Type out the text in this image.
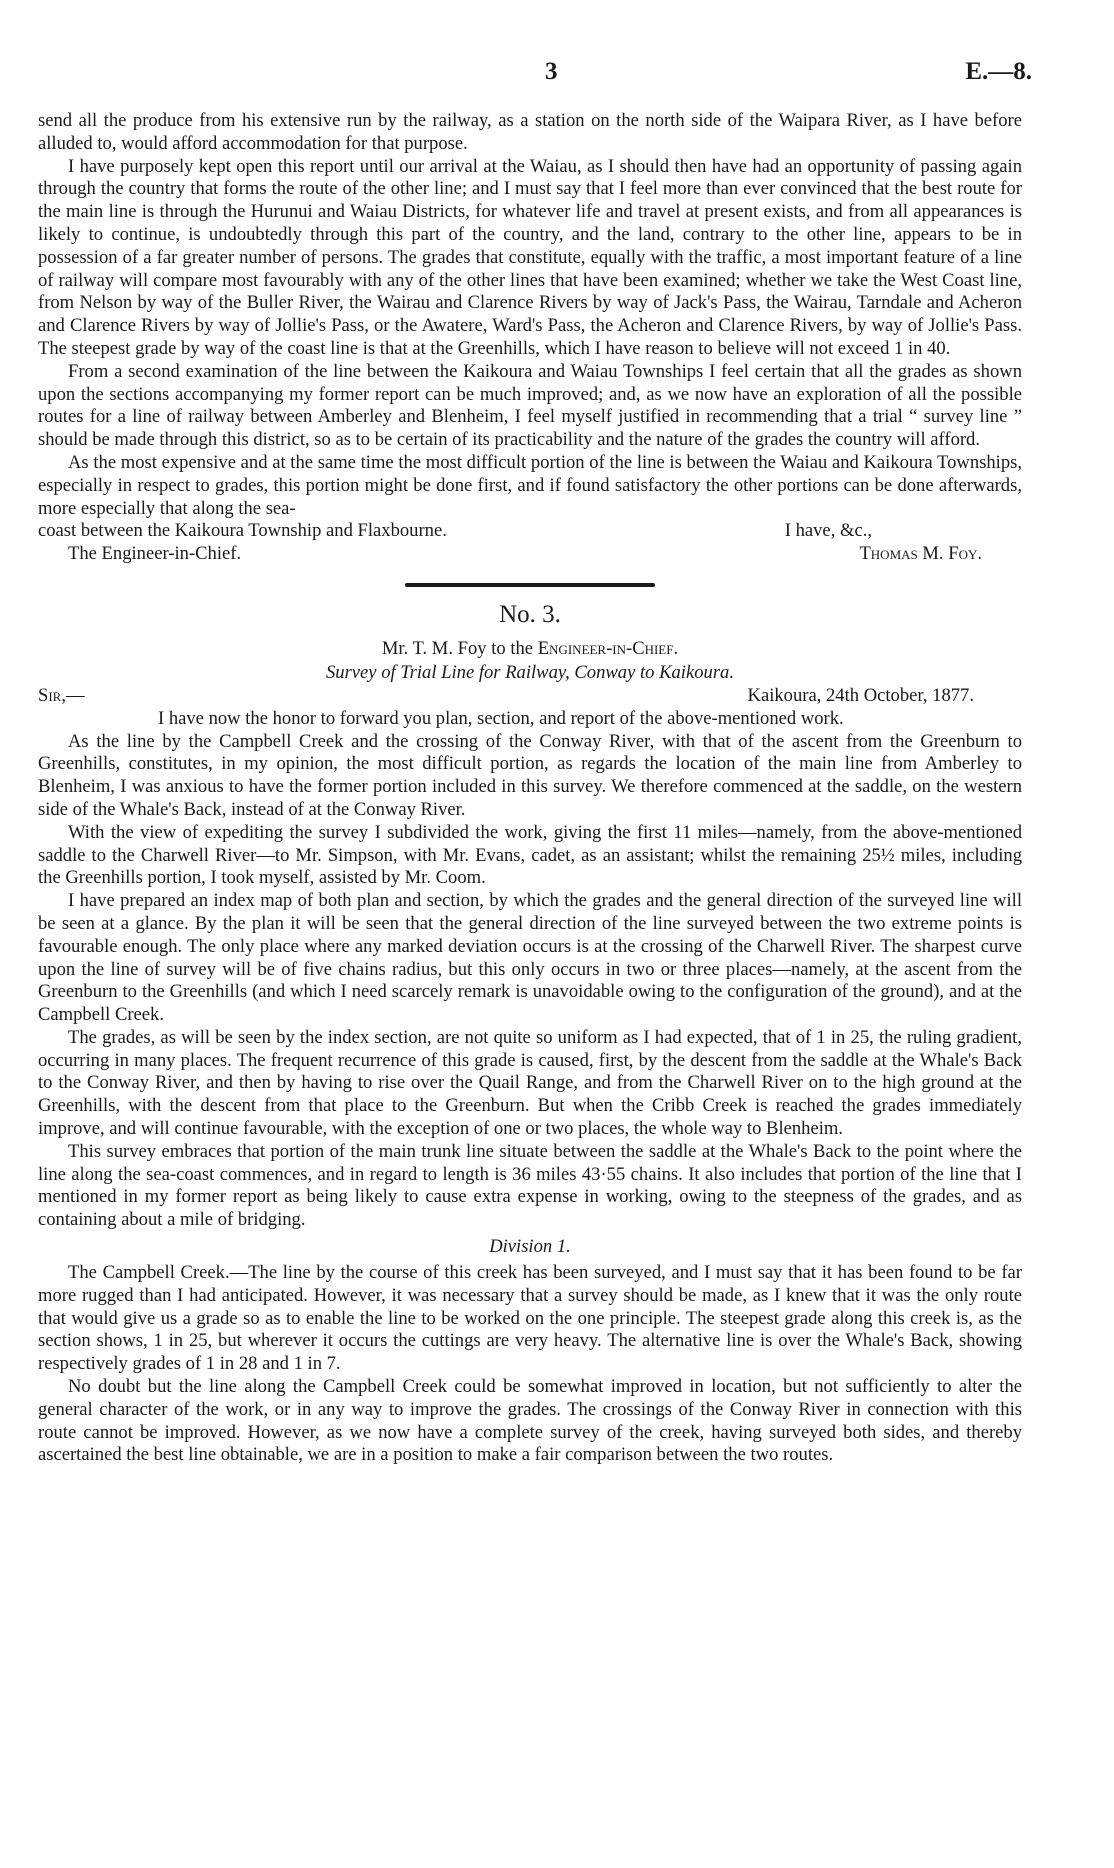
3	E.—8.

send all the produce from his extensive run by the railway, as a station on the north side of the Waipara River, as I have before alluded to, would afford accommodation for that purpose.

I have purposely kept open this report until our arrival at the Waiau, as I should then have had an opportunity of passing again through the country that forms the route of the other line; and I must say that I feel more than ever convinced that the best route for the main line is through the Hurunui and Waiau Districts, for whatever life and travel at present exists, and from all appearances is likely to continue, is undoubtedly through this part of the country, and the land, contrary to the other line, appears to be in possession of a far greater number of persons. The grades that constitute, equally with the traffic, a most important feature of a line of railway will compare most favourably with any of the other lines that have been examined; whether we take the West Coast line, from Nelson by way of the Buller River, the Wairau and Clarence Rivers by way of Jack's Pass, the Wairau, Tarndale and Acheron and Clarence Rivers by way of Jollie's Pass, or the Awatere, Ward's Pass, the Acheron and Clarence Rivers, by way of Jollie's Pass. The steepest grade by way of the coast line is that at the Greenhills, which I have reason to believe will not exceed 1 in 40.

From a second examination of the line between the Kaikoura and Waiau Townships I feel certain that all the grades as shown upon the sections accompanying my former report can be much improved; and, as we now have an exploration of all the possible routes for a line of railway between Amberley and Blenheim, I feel myself justified in recommending that a trial “ survey line ” should be made through this district, so as to be certain of its practicability and the nature of the grades the country will afford.

As the most expensive and at the same time the most difficult portion of the line is between the Waiau and Kaikoura Townships, especially in respect to grades, this portion might be done first, and if found satisfactory the other portions can be done afterwards, more especially that along the sea-

coast between the Kaikoura Township and Flaxbourne.	I have, &c.,
The Engineer-in-Chief.	Thomas M. Foy.
No. 3.
Mr. T. M. Foy to the Engineer-in-Chief.
Survey of Trial Line for Railway, Conway to Kaikoura.
Sir,—	Kaikoura, 24th October, 1877.

I have now the honor to forward you plan, section, and report of the above-mentioned work.

As the line by the Campbell Creek and the crossing of the Conway River, with that of the ascent from the Greenburn to Greenhills, constitutes, in my opinion, the most difficult portion, as regards the location of the main line from Amberley to Blenheim, I was anxious to have the former portion included in this survey. We therefore commenced at the saddle, on the western side of the Whale's Back, instead of at the Conway River.

With the view of expediting the survey I subdivided the work, giving the first 11 miles—namely, from the above-mentioned saddle to the Charwell River—to Mr. Simpson, with Mr. Evans, cadet, as an assistant; whilst the remaining 25½ miles, including the Greenhills portion, I took myself, assisted by Mr. Coom.

I have prepared an index map of both plan and section, by which the grades and the general direction of the surveyed line will be seen at a glance. By the plan it will be seen that the general direction of the line surveyed between the two extreme points is favourable enough. The only place where any marked deviation occurs is at the crossing of the Charwell River. The sharpest curve upon the line of survey will be of five chains radius, but this only occurs in two or three places—namely, at the ascent from the Greenburn to the Greenhills (and which I need scarcely remark is unavoidable owing to the configuration of the ground), and at the Campbell Creek.

The grades, as will be seen by the index section, are not quite so uniform as I had expected, that of 1 in 25, the ruling gradient, occurring in many places. The frequent recurrence of this grade is caused, first, by the descent from the saddle at the Whale's Back to the Conway River, and then by having to rise over the Quail Range, and from the Charwell River on to the high ground at the Greenhills, with the descent from that place to the Greenburn. But when the Cribb Creek is reached the grades immediately improve, and will continue favourable, with the exception of one or two places, the whole way to Blenheim.

This survey embraces that portion of the main trunk line situate between the saddle at the Whale's Back to the point where the line along the sea-coast commences, and in regard to length is 36 miles 43·55 chains. It also includes that portion of the line that I mentioned in my former report as being likely to cause extra expense in working, owing to the steepness of the grades, and as containing about a mile of bridging.

Division 1.

The Campbell Creek.—The line by the course of this creek has been surveyed, and I must say that it has been found to be far more rugged than I had anticipated. However, it was necessary that a survey should be made, as I knew that it was the only route that would give us a grade so as to enable the line to be worked on the one principle. The steepest grade along this creek is, as the section shows, 1 in 25, but wherever it occurs the cuttings are very heavy. The alternative line is over the Whale's Back, showing respectively grades of 1 in 28 and 1 in 7.

No doubt but the line along the Campbell Creek could be somewhat improved in location, but not sufficiently to alter the general character of the work, or in any way to improve the grades. The crossings of the Conway River in connection with this route cannot be improved. However, as we now have a complete survey of the creek, having surveyed both sides, and thereby ascertained the best line obtainable, we are in a position to make a fair comparison between the two routes.
